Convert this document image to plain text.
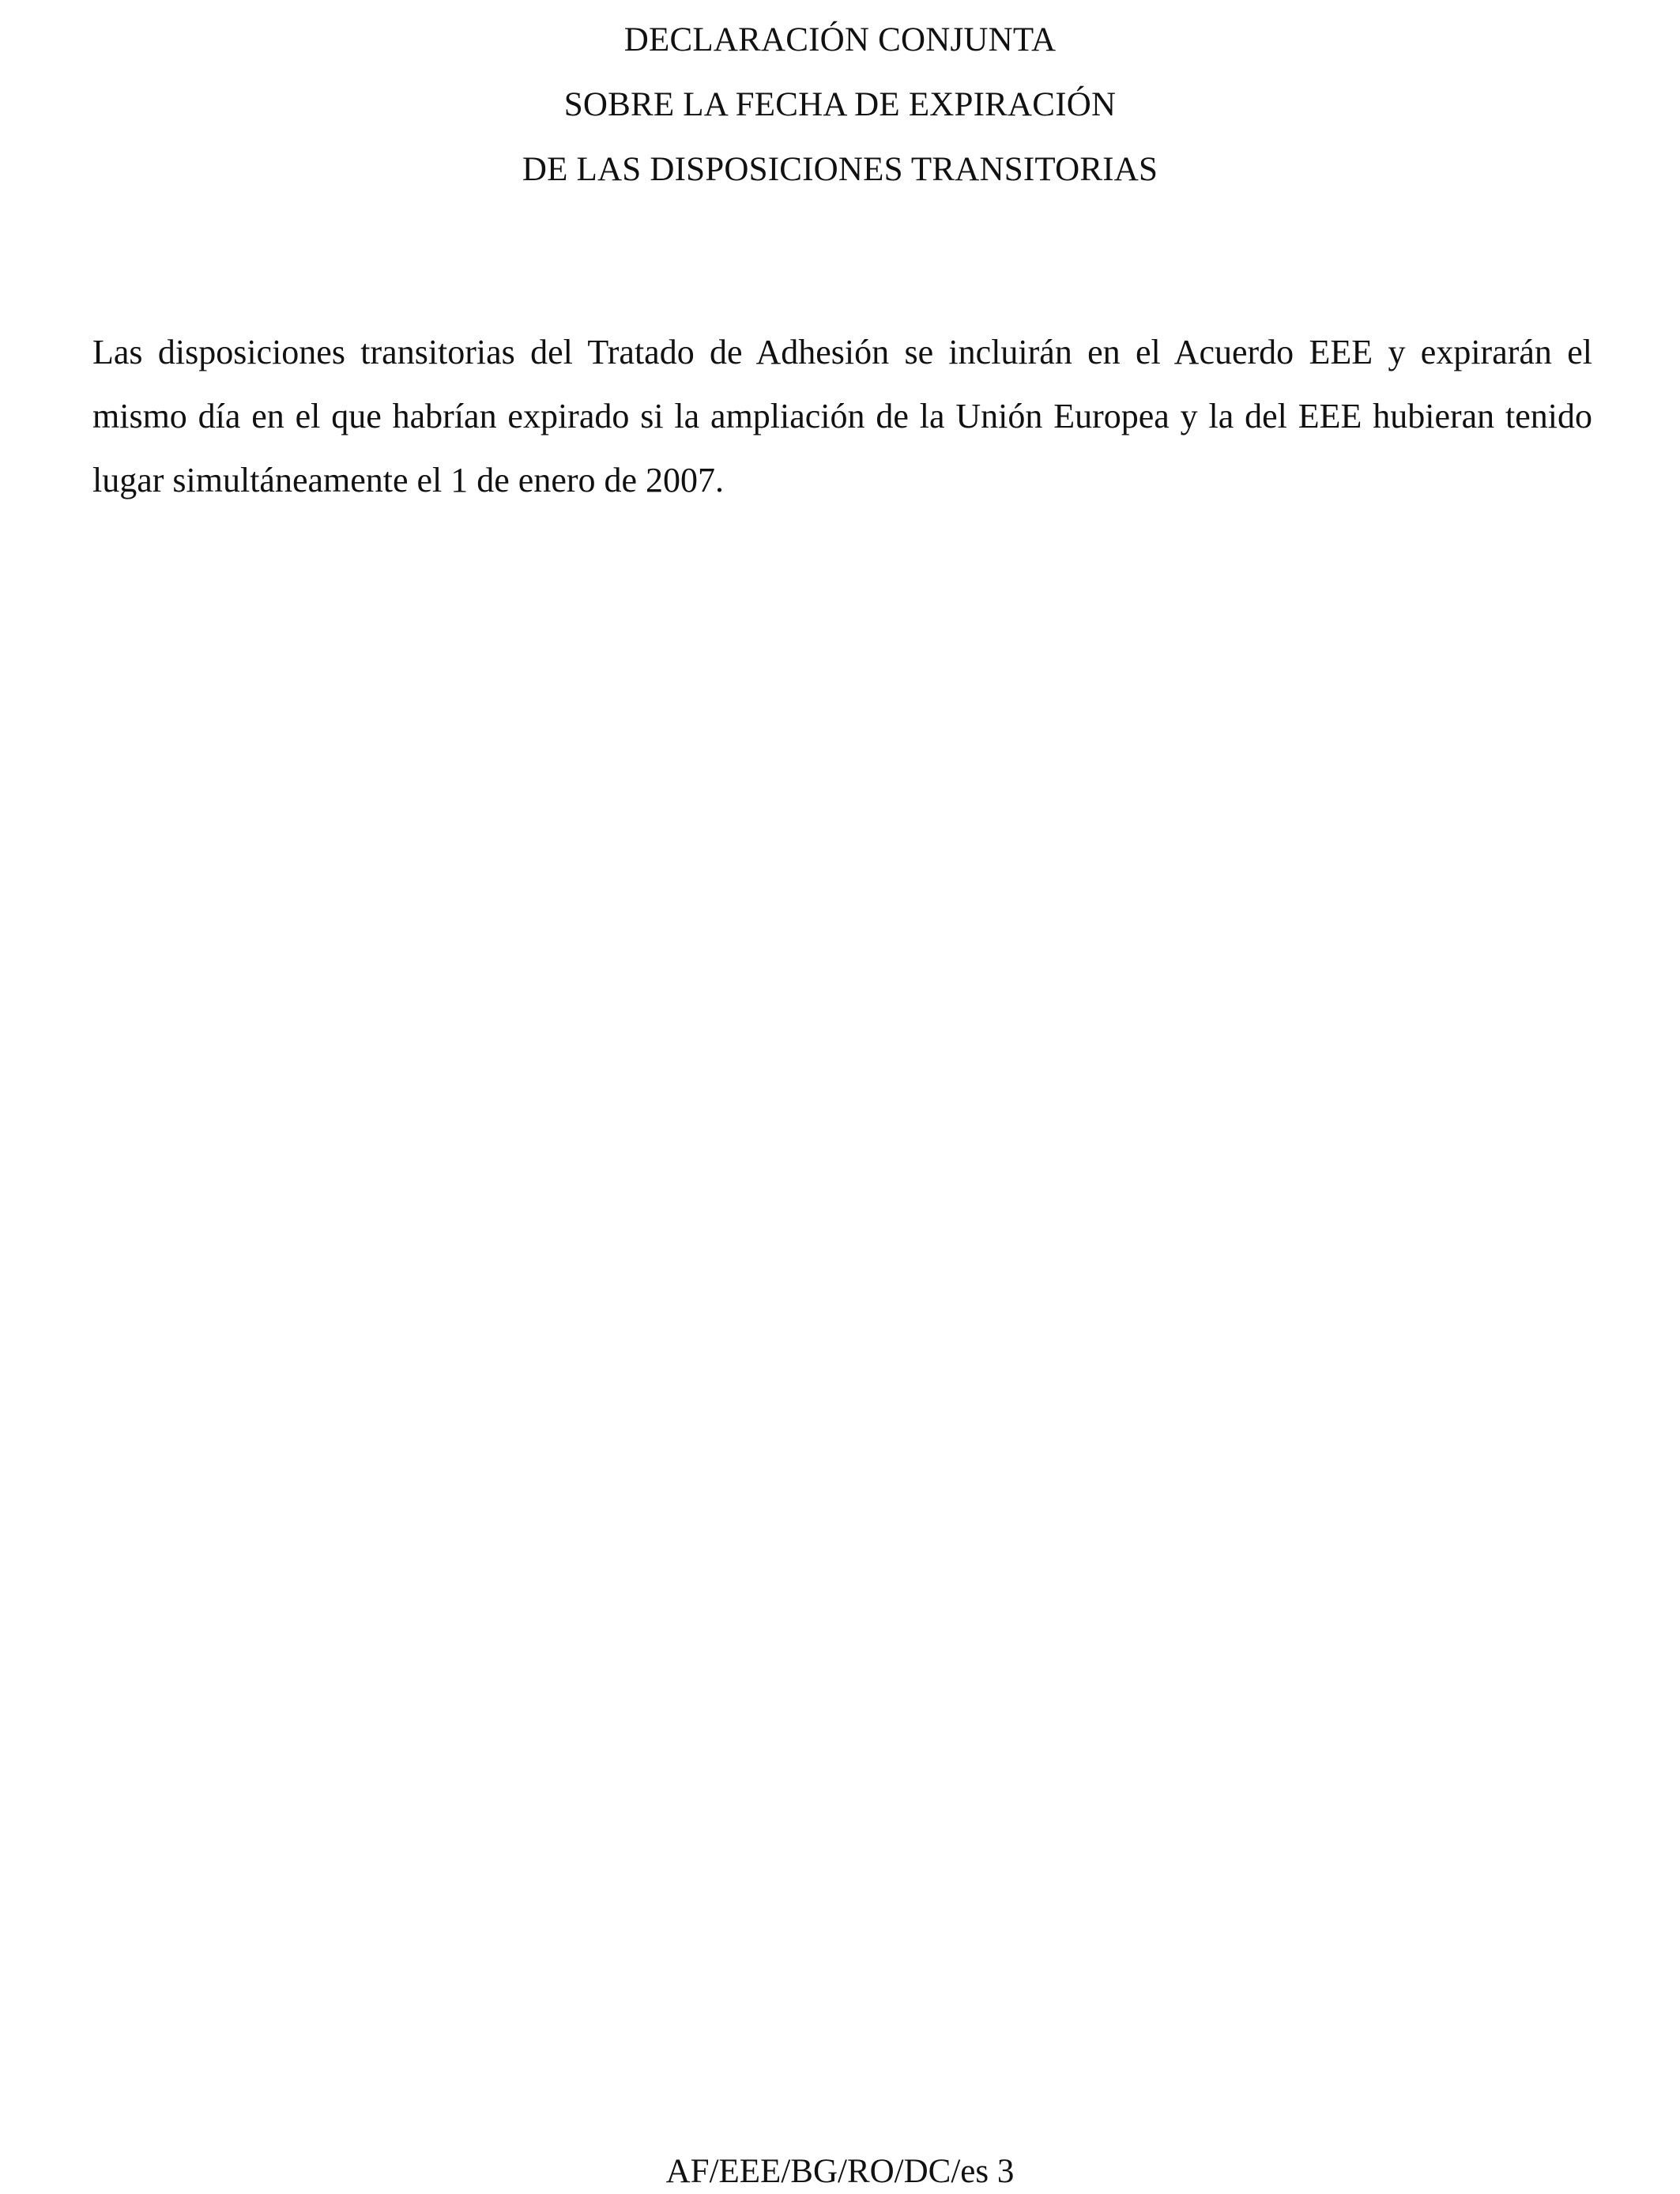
DECLARACIÓN CONJUNTA
SOBRE LA FECHA DE EXPIRACIÓN
DE LAS DISPOSICIONES TRANSITORIAS

Las disposiciones transitorias del Tratado de Adhesión se incluirán en el Acuerdo EEE y expirarán el mismo día en el que habrían expirado si la ampliación de la Unión Europea y la del EEE hubieran tenido lugar simultáneamente el 1 de enero de 2007.

AF/EEE/BG/RO/DC/es 3
